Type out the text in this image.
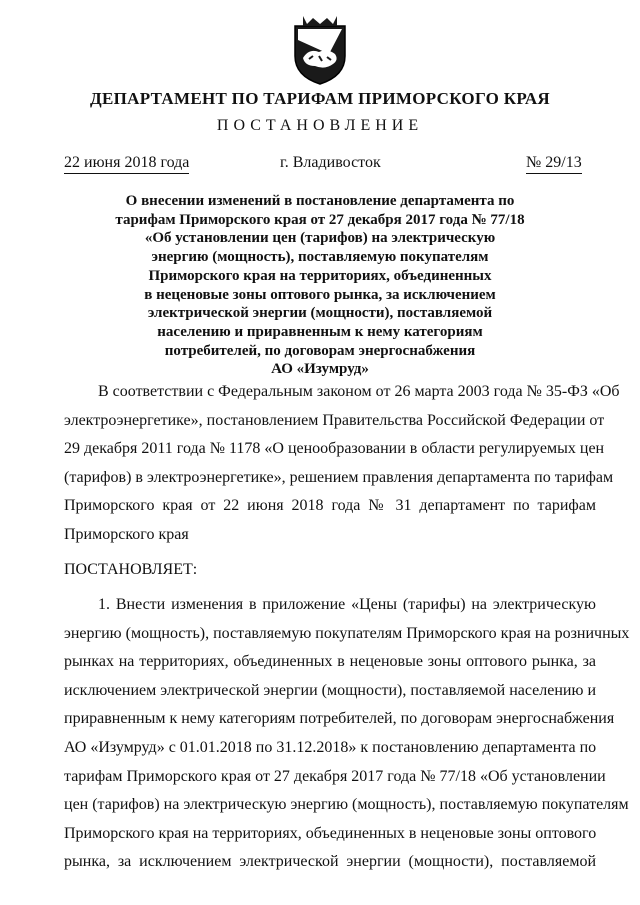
ДЕПАРТАМЕНТ ПО ТАРИФАМ ПРИМОРСКОГО КРАЯ
ПОСТАНОВЛЕНИЕ
22 июня 2018 года	г. Владивосток	№ 29/13
О внесении изменений в постановление департамента по
тарифам Приморского края от 27 декабря 2017 года № 77/18
«Об установлении цен (тарифов) на электрическую
энергию (мощность), поставляемую покупателям
Приморского края на территориях, объединенных
в неценовые зоны оптового рынка, за исключением
электрической энергии (мощности), поставляемой
населению и приравненным к нему категориям
потребителей, по договорам энергоснабжения
АО «Изумруд»
В соответствии с Федеральным законом от 26 марта 2003 года № 35-ФЗ «Об
электроэнергетике», постановлением Правительства Российской Федерации от
29 декабря 2011 года № 1178 «О ценообразовании в области регулируемых цен
(тарифов) в электроэнергетике», решением правления департамента по тарифам
Приморского края от 22 июня 2018 года № 31 департамент по тарифам
Приморского края
ПОСТАНОВЛЯЕТ:
1. Внести изменения в приложение «Цены (тарифы) на электрическую
энергию (мощность), поставляемую покупателям Приморского края на розничных
рынках на территориях, объединенных в неценовые зоны оптового рынка, за
исключением электрической энергии (мощности), поставляемой населению и
приравненным к нему категориям потребителей, по договорам энергоснабжения
АО «Изумруд» с 01.01.2018 по 31.12.2018» к постановлению департамента по
тарифам Приморского края от 27 декабря 2017 года № 77/18 «Об установлении
цен (тарифов) на электрическую энергию (мощность), поставляемую покупателям
Приморского края на территориях, объединенных в неценовые зоны оптового
рынка, за исключением электрической энергии (мощности), поставляемой
